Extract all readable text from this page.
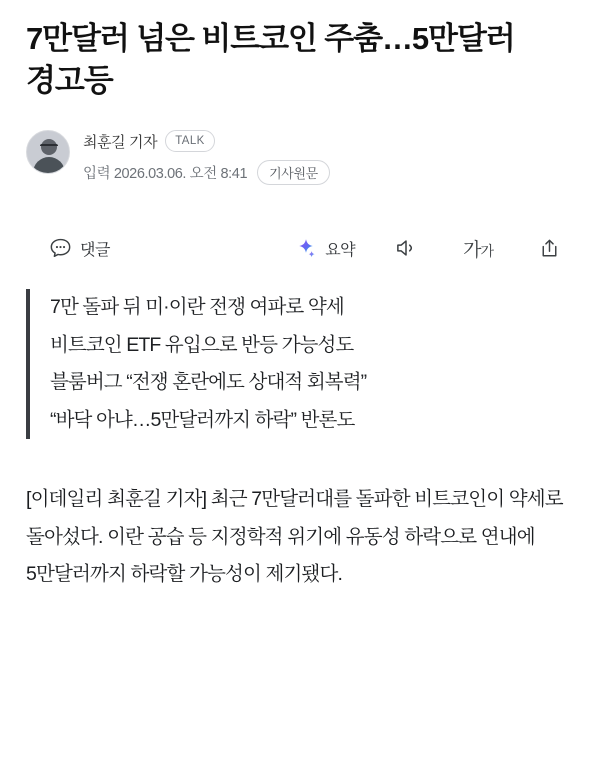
7만달러 넘은 비트코인 주춤…5만달러 경고등
최훈길 기자	TALK
입력 2026.03.06. 오전 8:41	기사원문
댓글	요약	가가
7만 돌파 뒤 미·이란 전쟁 여파로 약세
비트코인 ETF 유입으로 반등 가능성도
블룸버그 “전쟁 혼란에도 상대적 회복력”
“바닥 아냐…5만달러까지 하락” 반론도

[이데일리 최훈길 기자] 최근 7만달러대를 돌파한 비트코인이 약세로 돌아섰다. 이란 공습 등 지정학적 위기에 유동성 하락으로 연내에 5만달러까지 하락할 가능성이 제기됐다.
